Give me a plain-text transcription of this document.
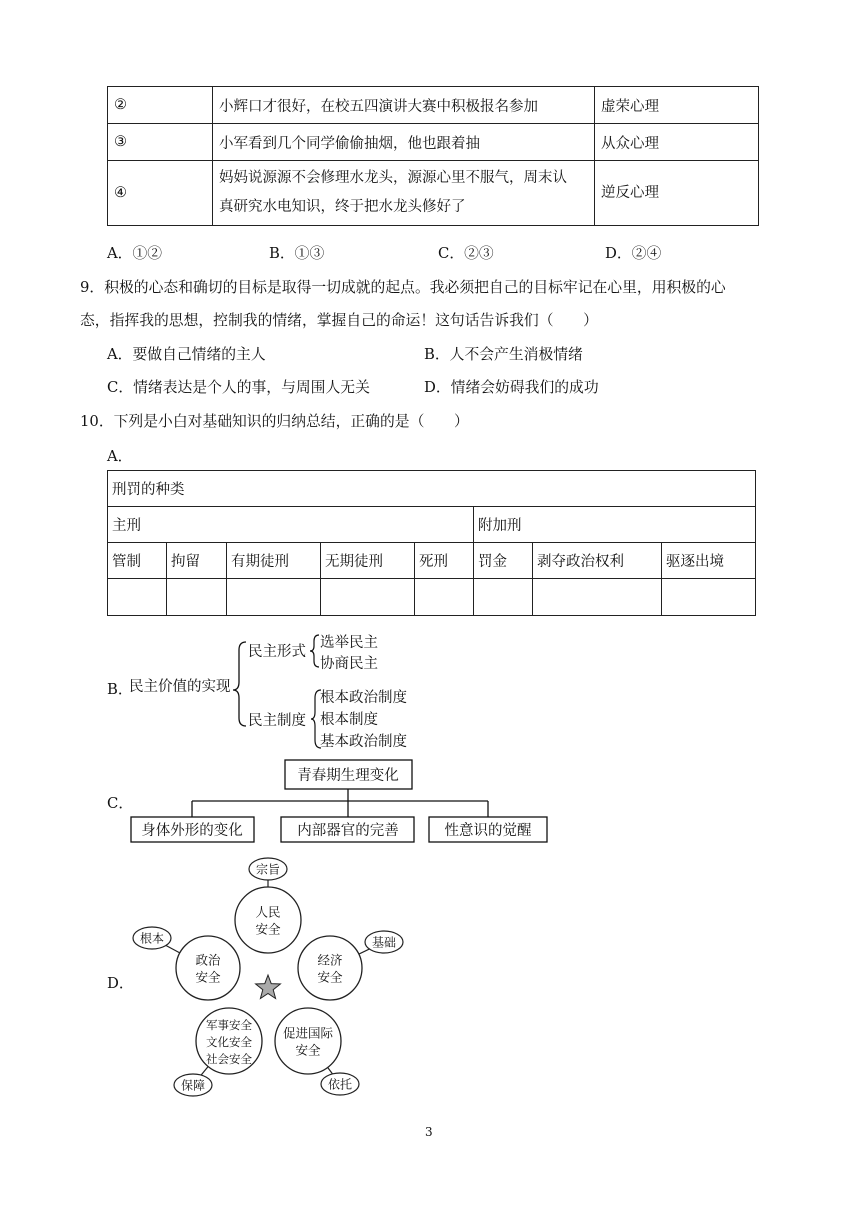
②	小辉口才很好，在校五四演讲大赛中积极报名参加	虚荣心理
③	小军看到几个同学偷偷抽烟，他也跟着抽	从众心理
④	妈妈说源源不会修理水龙头，源源心里不服气，周末认
真研究水电知识，终于把水龙头修好了	逆反心理
A．①②	B．①③	C．②③	D．②④
9．积极的心态和确切的目标是取得一切成就的起点。我必须把自己的目标牢记在心里，用积极的心
态，指挥我的思想，控制我的情绪，掌握自己的命运！这句话告诉我们（　　）
A．要做自己情绪的主人	B．人不会产生消极情绪
C．情绪表达是个人的事，与周围人无关	D．情绪会妨碍我们的成功
10．下列是小白对基础知识的归纳总结，正确的是（　　）
A．
刑罚的种类							
主刑					附加刑		
管制	拘留	有期徒刑	无期徒刑	死刑	罚金	剥夺政治权利	驱逐出境

B．
民主价值的实现
民主形式
选举民主
协商民主
民主制度
根本政治制度
根本制度
基本政治制度
C．
青春期生理变化
身体外形的变化	内部器官的完善	性意识的觉醒
D．
人民
安全
宗旨
经济
安全
基础
促进国际
安全
依托
军事安全
文化安全
社会安全
保障
政治
安全
根本
3
